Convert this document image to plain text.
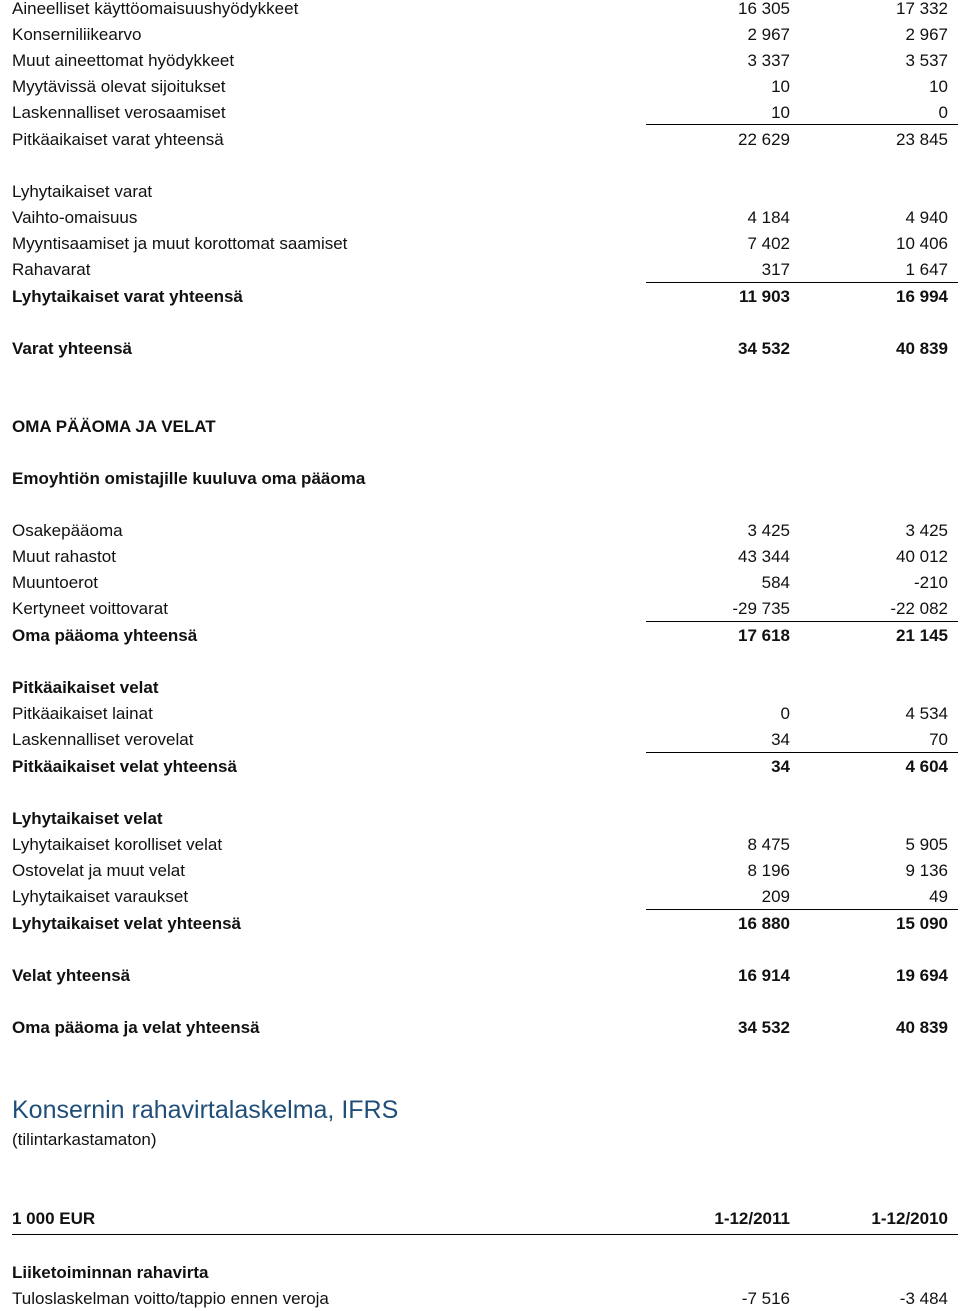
Aineelliset käyttöomaisuushyödykkeet	16 305	17 332
Konserniliikearvo	2 967	2 967
Muut aineettomat hyödykkeet	3 337	3 537
Myytävissä olevat sijoitukset	10	10
Laskennalliset verosaamiset	10	0
Pitkäaikaiset varat yhteensä	22 629	23 845
Lyhytaikaiset varat
Vaihto-omaisuus	4 184	4 940
Myyntisaamiset ja muut korottomat saamiset	7 402	10 406
Rahavarat	317	1 647
Lyhytaikaiset varat yhteensä	11 903	16 994
Varat yhteensä	34 532	40 839
OMA PÄÄOMA JA VELAT
Emoyhtiön omistajille kuuluva oma pääoma
Osakepääoma	3 425	3 425
Muut rahastot	43 344	40 012
Muuntoerot	584	-210
Kertyneet voittovarat	-29 735	-22 082
Oma pääoma yhteensä	17 618	21 145
Pitkäaikaiset velat
Pitkäaikaiset lainat	0	4 534
Laskennalliset verovelat	34	70
Pitkäaikaiset velat yhteensä	34	4 604
Lyhytaikaiset velat
Lyhytaikaiset korolliset velat	8 475	5 905
Ostovelat ja muut velat	8 196	9 136
Lyhytaikaiset varaukset	209	49
Lyhytaikaiset velat yhteensä	16 880	15 090
Velat yhteensä	16 914	19 694
Oma pääoma ja velat yhteensä	34 532	40 839
Konsernin rahavirtalaskelma, IFRS
(tilintarkastamaton)
1 000 EUR	1-12/2011	1-12/2010
Liiketoiminnan rahavirta
Tuloslaskelman voitto/tappio ennen veroja	-7 516	-3 484
